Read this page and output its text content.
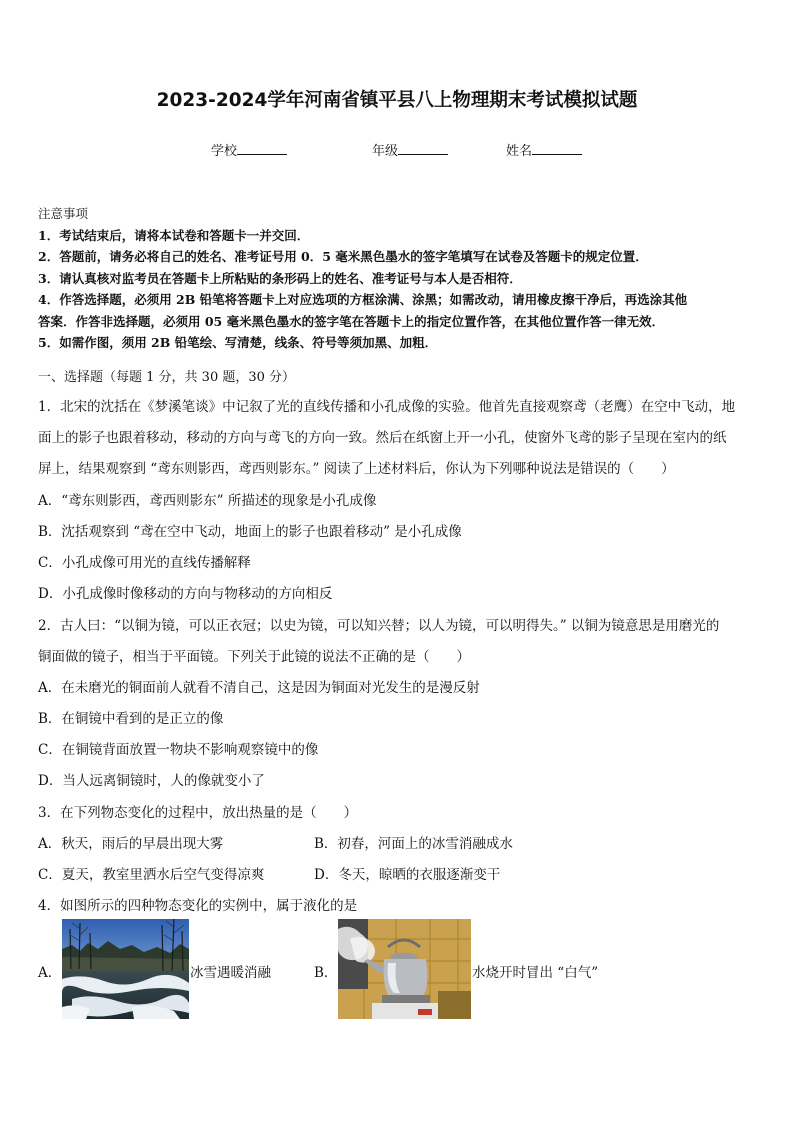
2023-2024学年河南省镇平县八上物理期末考试模拟试题
学校	年级	姓名
注意事项
1．考试结束后，请将本试卷和答题卡一并交回．
2．答题前，请务必将自己的姓名、准考证号用 0．5 毫米黑色墨水的签字笔填写在试卷及答题卡的规定位置．
3．请认真核对监考员在答题卡上所粘贴的条形码上的姓名、准考证号与本人是否相符．
4．作答选择题，必须用 2B 铅笔将答题卡上对应选项的方框涂满、涂黑；如需改动，请用橡皮擦干净后，再选涂其他
答案．作答非选择题，必须用 05 毫米黑色墨水的签字笔在答题卡上的指定位置作答，在其他位置作答一律无效．
5．如需作图，须用 2B 铅笔绘、写清楚，线条、符号等须加黑、加粗．
一、选择题（每题 1 分，共 30 题，30 分）
1．北宋的沈括在《梦溪笔谈》中记叙了光的直线传播和小孔成像的实验。他首先直接观察鸢（老鹰）在空中飞动，地
面上的影子也跟着移动，移动的方向与鸢飞的方向一致。然后在纸窗上开一小孔，使窗外飞鸢的影子呈现在室内的纸
屏上，结果观察到 “鸢东则影西，鸢西则影东。” 阅读了上述材料后，你认为下列哪种说法是错误的（　　）
A．“鸢东则影西，鸢西则影东” 所描述的现象是小孔成像
B．沈括观察到 “鸢在空中飞动，地面上的影子也跟着移动” 是小孔成像
C．小孔成像可用光的直线传播解释
D．小孔成像时像移动的方向与物移动的方向相反
2．古人曰：“以铜为镜，可以正衣冠；以史为镜，可以知兴替；以人为镜，可以明得失。” 以铜为镜意思是用磨光的
铜面做的镜子，相当于平面镜。下列关于此镜的说法不正确的是（　　）
A．在未磨光的铜面前人就看不清自己，这是因为铜面对光发生的是漫反射
B．在铜镜中看到的是正立的像
C．在铜镜背面放置一物块不影响观察镜中的像
D．当人远离铜镜时，人的像就变小了
3．在下列物态变化的过程中，放出热量的是（　　）
A．秋天，雨后的早晨出现大雾	B．初春，河面上的冰雪消融成水
C．夏天，教室里洒水后空气变得凉爽	D．冬天，晾晒的衣服逐渐变干
4．如图所示的四种物态变化的实例中，属于液化的是
A．	冰雪遇暖消融	B．	水烧开时冒出 “白气”
